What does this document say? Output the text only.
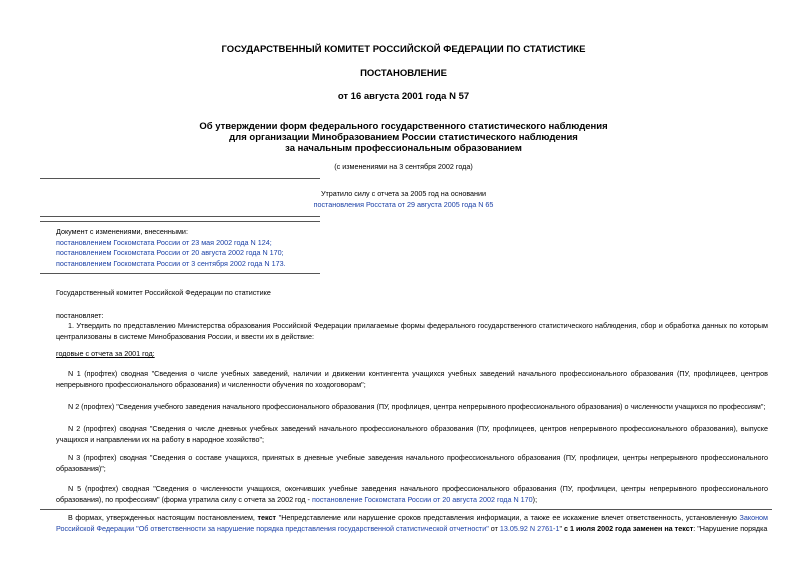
ГОСУДАРСТВЕННЫЙ КОМИТЕТ РОССИЙСКОЙ ФЕДЕРАЦИИ ПО СТАТИСТИКЕ
ПОСТАНОВЛЕНИЕ
от 16 августа 2001 года N 57
Об утверждении форм федерального государственного статистического наблюдения
для организации Минобразованием России статистического наблюдения
за начальным профессиональным образованием
(с изменениями на 3 сентября 2002 года)
Утратило силу с отчета за 2005 год на основании
постановления Росстата от 29 августа 2005 года N 65
Документ с изменениями, внесенными:
постановлением Госкомстата России от 23 мая 2002 года N 124;
постановлением Госкомстата России от 20 августа 2002 года N 170;
постановлением Госкомстата России от 3 сентября 2002 года N 173.
Государственный комитет Российской Федерации по статистике
постановляет:
1. Утвердить по представлению Министерства образования Российской Федерации прилагаемые формы федерального государственного статистического наблюдения, сбор и обработка данных по которым централизованы в системе Минобразования России, и ввести их в действие:
годовые с отчета за 2001 год:
N 1 (профтех) сводная "Сведения о числе учебных заведений, наличии и движении контингента учащихся учебных заведений начального профессионального образования (ПУ, профлицеев, центров непрерывного профессионального образования) и численности обучения по хоздоговорам";
N 2 (профтех) "Сведения учебного заведения начального профессионального образования (ПУ, профлицея, центра непрерывного профессионального образования) о численности учащихся по профессиям";
N 2 (профтех) сводная "Сведения о числе дневных учебных заведений начального профессионального образования (ПУ, профлицеев, центров непрерывного профессионального образования), выпуске учащихся и направлении их на работу в народное хозяйство";
N 3 (профтех) сводная "Сведения о составе учащихся, принятых в дневные учебные заведения начального профессионального образования (ПУ, профлицеи, центры непрерывного профессионального образования)";
N 5 (профтех) сводная "Сведения о численности учащихся, окончивших учебные заведения начального профессионального образования (ПУ, профлицеи, центры непрерывного профессионального образования), по профессиям" (форма утратила силу с отчета за 2002 год - постановление Госкомстата России от 20 августа 2002 года N 170);
В формах, утвержденных настоящим постановлением, текст "Непредставление или нарушение сроков представления информации, а также ее искажение влечет ответственность, установленную Законом Российской Федерации "Об ответственности за нарушение порядка представления государственной статистической отчетности" от 13.05.92 N 2761-1" с 1 июля 2002 года заменен на текст: "Нарушение порядка
